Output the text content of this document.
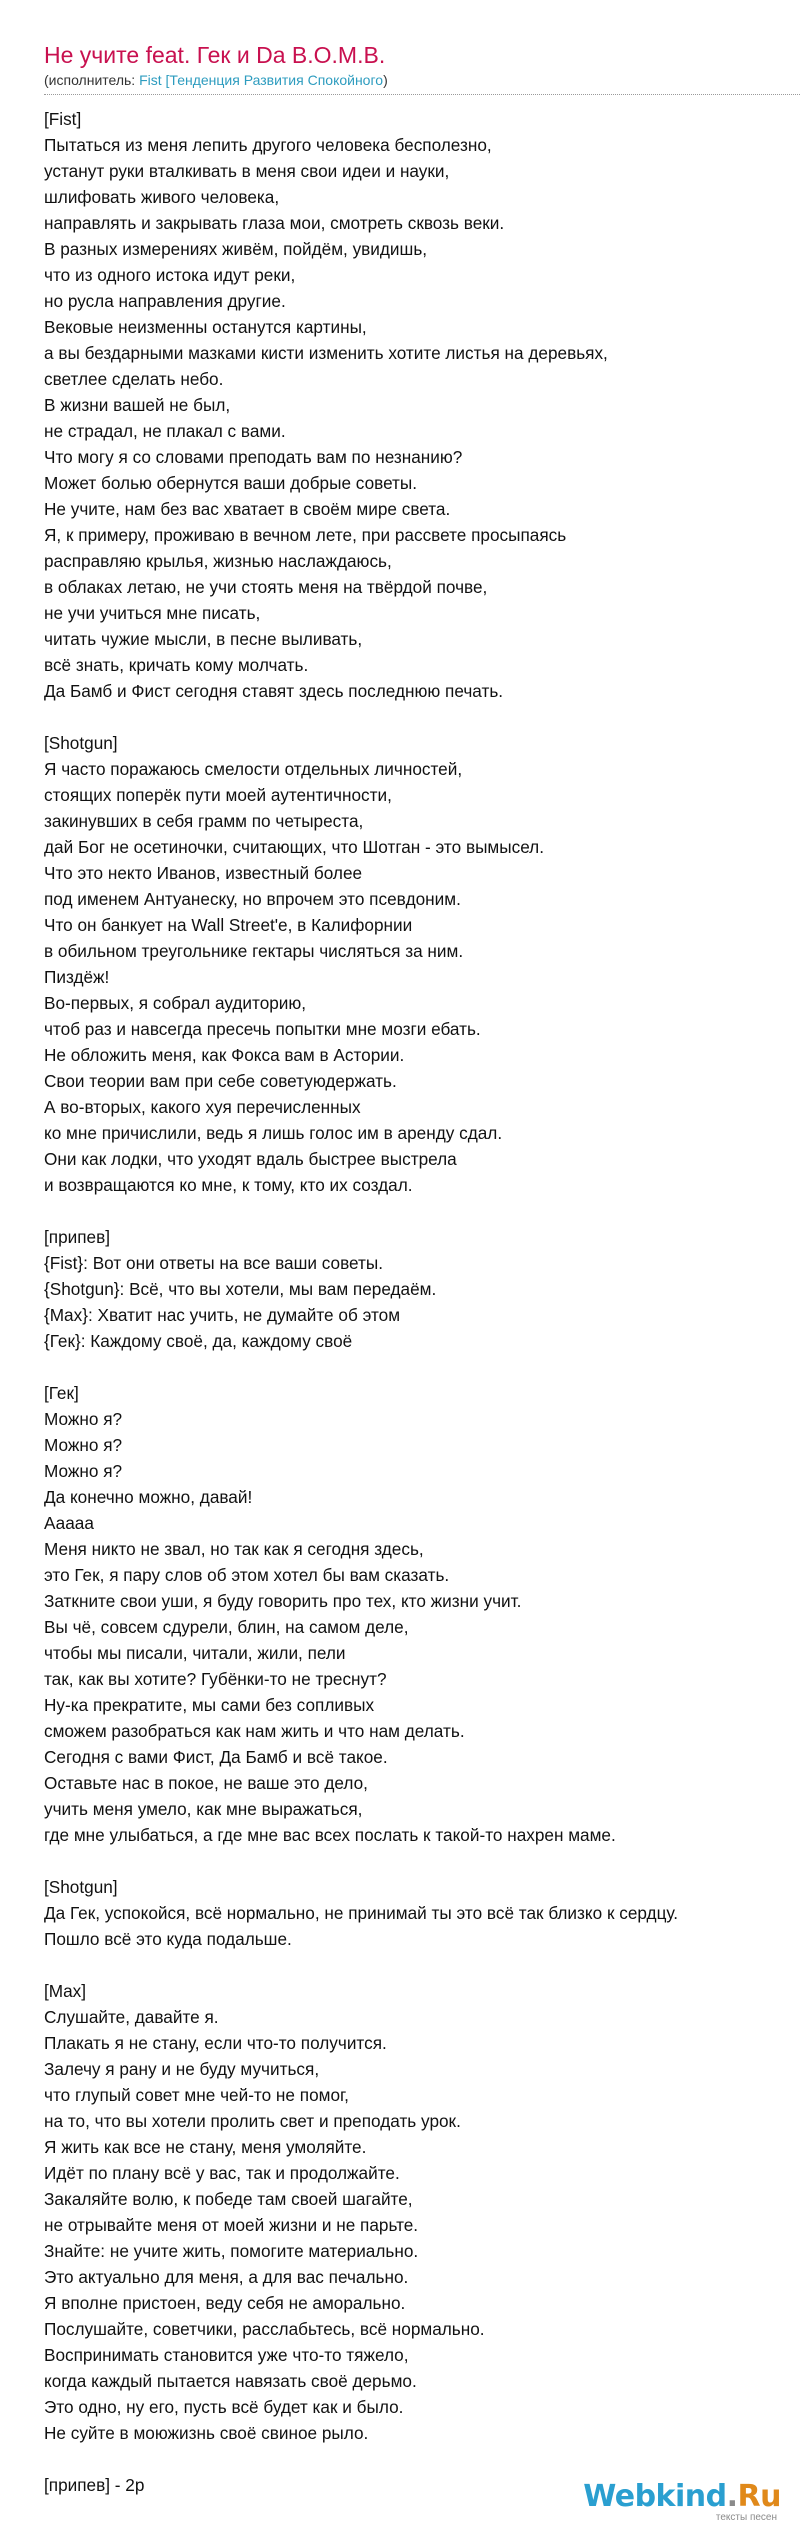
Не учите feat. Гек и Da B.O.M.B.
(исполнитель: Fist [Тенденция Развития Спокойного)
[Fist]
Пытаться из меня лепить другого человека бесполезно,
устанут руки вталкивать в меня свои идеи и науки,
шлифовать живого человека,
направлять и закрывать глаза мои, смотреть сквозь веки.
В разных измерениях живём, пойдём, увидишь,
что из одного истока идут реки,
но русла направления другие.
Вековые неизменны останутся картины,
а вы бездарными мазками кисти изменить хотите листья на деревьях,
светлее сделать небо.
В жизни вашей не был,
не страдал, не плакал с вами.
Что могу я со словами преподать вам по незнанию?
Может болью обернутся ваши добрые советы.
Не учите, нам без вас хватает в своём мире света.
Я, к примеру, проживаю в вечном лете, при рассвете просыпаясь
расправляю крылья, жизнью наслаждаюсь,
в облаках летаю, не учи стоять меня на твёрдой почве,
не учи учиться мне писать,
читать чужие мысли, в песне выливать,
всё знать, кричать кому молчать.
Да Бамб и Фист сегодня ставят здесь последнюю печать.
[Shotgun]
Я часто поражаюсь смелости отдельных личностей,
стоящих поперёк пути моей аутентичности,
закинувших в себя грамм по четыреста,
дай Бог не осетиночки, считающих, что Шотган - это вымысел.
Что это некто Иванов, известный более
под именем Антуанеску, но впрочем это псевдоним.
Что он банкует на Wall Street'e, в Калифорнии
в обильном треугольнике гектары числяться за ним.
Пиздёж!
Во-первых, я собрал аудиторию,
чтоб раз и навсегда пресечь попытки мне мозги ебать.
Не обложить меня, как Фокса вам в Астории.
Свои теории вам при себе советуюдержать.
А во-вторых, какого хуя перечисленных
ко мне причислили, ведь я лишь голос им в аренду сдал.
Они как лодки, что уходят вдаль быстрее выстрела
и возвращаются ко мне, к тому, кто их создал.
[припев]
{Fist}: Вот они ответы на все ваши советы.
{Shotgun}: Всё, что вы хотели, мы вам передаём.
{Max}: Хватит нас учить, не думайте об этом
{Гек}: Каждому своё, да, каждому своё
[Гек]
Можно я?
Можно я?
Можно я?
Да конечно можно, давай!
Ааааа
Меня никто не звал, но так как я сегодня здесь,
это Гек, я пару слов об этом хотел бы вам сказать.
Заткните свои уши, я буду говорить про тех, кто жизни учит.
Вы чё, совсем сдурели, блин, на самом деле,
чтобы мы писали, читали, жили, пели
так, как вы хотите? Губёнки-то не треснут?
Ну-ка прекратите, мы сами без сопливых
сможем разобраться как нам жить и что нам делать.
Сегодня с вами Фист, Да Бамб и всё такое.
Оставьте нас в покое, не ваше это дело,
учить меня умело, как мне выражаться,
где мне улыбаться, а где мне вас всех послать к такой-то нахрен маме.
[Shotgun]
Да Гек, успокойся, всё нормально, не принимай ты это всё так близко к сердцу.
Пошло всё это куда подальше.
[Max]
Слушайте, давайте я.
Плакать я не стану, если что-то получится.
Залечу я рану и не буду мучиться,
что глупый совет мне чей-то не помог,
на то, что вы хотели пролить свет и преподать урок.
Я жить как все не стану, меня умоляйте.
Идёт по плану всё у вас, так и продолжайте.
Закаляйте волю, к победе там своей шагайте,
не отрывайте меня от моей жизни и не парьте.
Знайте: не учите жить, помогите материально.
Это актуально для меня, а для вас печально.
Я вполне пристоен, веду себя не аморально.
Послушайте, советчики, расслабьтесь, всё нормально.
Воспринимать становится уже что-то тяжело,
когда каждый пытается навязать своё дерьмо.
Это одно, ну его, пусть всё будет как и было.
Не суйте в моюжизнь своё свиное рыло.
[припев] - 2р	Webkind.Ru
тексты песен
